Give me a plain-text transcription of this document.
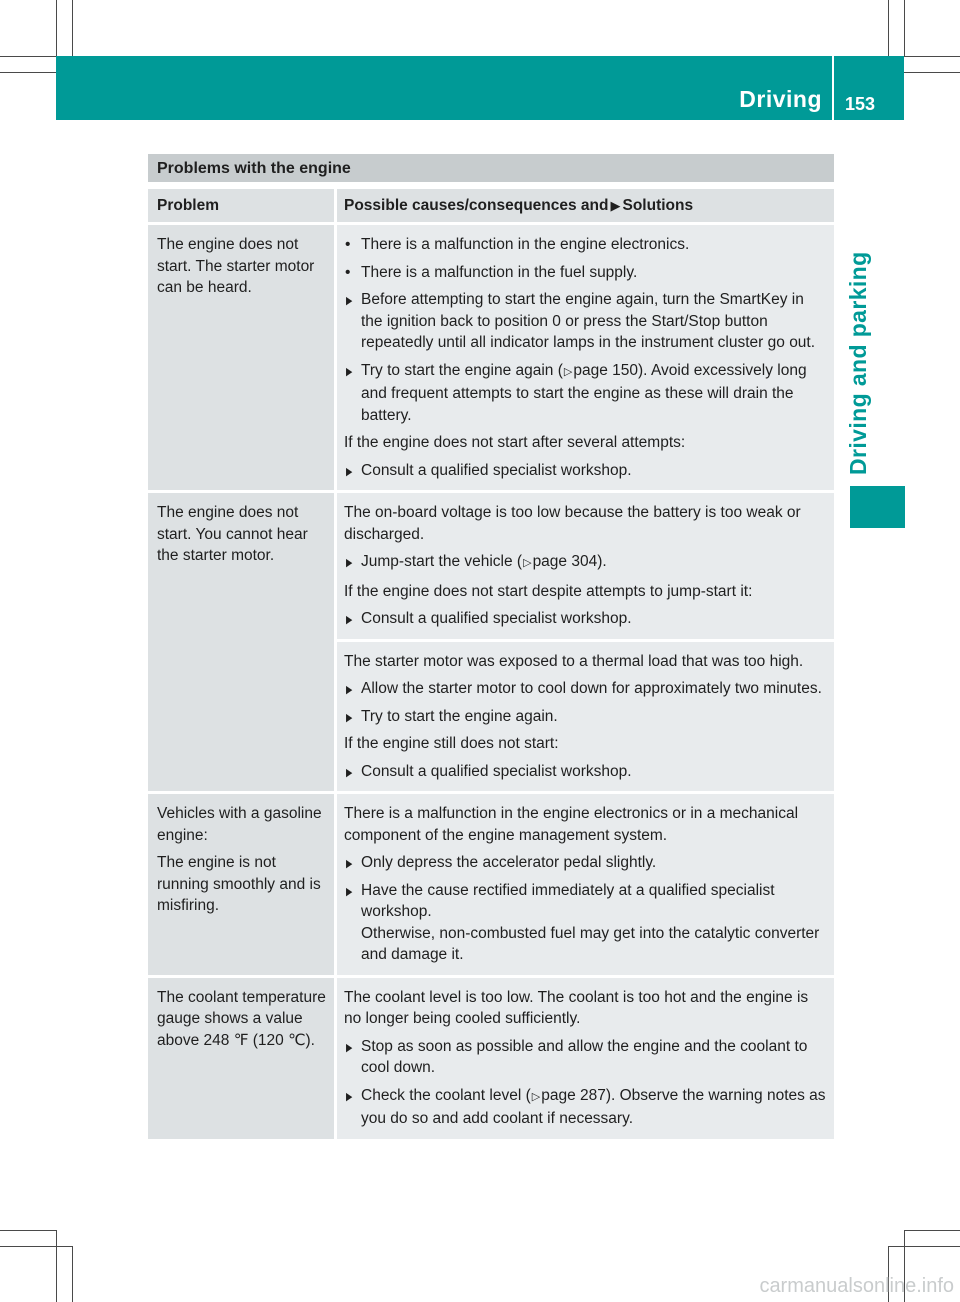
Driving 153
Driving and parking
Problems with the engine
Problem	Possible causes/consequences and ▶ Solutions
The engine does not start. The starter motor can be heard.
• There is a malfunction in the engine electronics.
• There is a malfunction in the fuel supply.
▶ Before attempting to start the engine again, turn the SmartKey in the ignition back to position 0 or press the Start/Stop button repeatedly until all indicator lamps in the instrument cluster go out.
▶ Try to start the engine again (▷page 150). Avoid excessively long and frequent attempts to start the engine as these will drain the battery.
If the engine does not start after several attempts:
▶ Consult a qualified specialist workshop.
The engine does not start. You cannot hear the starter motor.
The on-board voltage is too low because the battery is too weak or discharged.
▶ Jump-start the vehicle (▷page 304).
If the engine does not start despite attempts to jump-start it:
▶ Consult a qualified specialist workshop.
The starter motor was exposed to a thermal load that was too high.
▶ Allow the starter motor to cool down for approximately two minutes.
▶ Try to start the engine again.
If the engine still does not start:
▶ Consult a qualified specialist workshop.
Vehicles with a gasoline engine:
The engine is not running smoothly and is misfiring.
There is a malfunction in the engine electronics or in a mechanical component of the engine management system.
▶ Only depress the accelerator pedal slightly.
▶ Have the cause rectified immediately at a qualified specialist workshop.
Otherwise, non-combusted fuel may get into the catalytic converter and damage it.
The coolant temperature gauge shows a value above 248 ℉ (120 ℃).
The coolant level is too low. The coolant is too hot and the engine is no longer being cooled sufficiently.
▶ Stop as soon as possible and allow the engine and the coolant to cool down.
▶ Check the coolant level (▷page 287). Observe the warning notes as you do so and add coolant if necessary.
carmanualsonline.info
